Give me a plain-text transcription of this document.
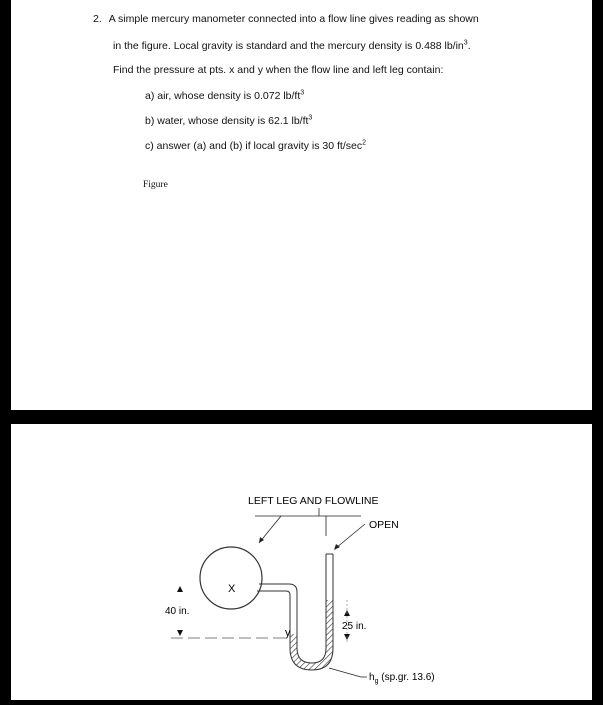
2. A simple mercury manometer connected into a flow line gives reading as shown
in the figure. Local gravity is standard and the mercury density is 0.488 $lb/in^3$.
Find the pressure at pts. x and y when the flow line and left leg contain:
a) air, whose density is 0.072 $lb/ft^3$
b) water, whose density is 62.1 $lb/ft^3$
c) answer (a) and (b) if local gravity is 30 $ft/\sec^2$
Figure
LEFT LEG AND FLOWLINE
OPEN
X
40 in.
y
25 in.
$h_g$ (sp.gr. 13.6)
